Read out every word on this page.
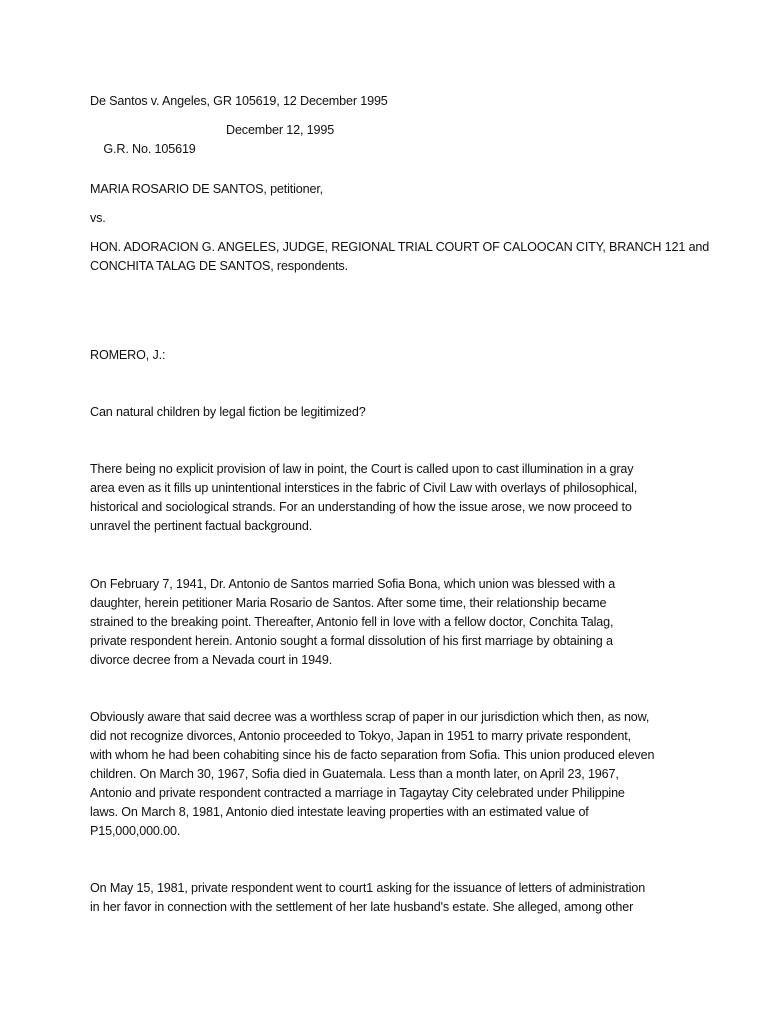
De Santos v. Angeles, GR 105619, 12 December 1995

G.R. No. 105619

December 12, 1995

MARIA ROSARIO DE SANTOS, petitioner,
vs.
HON. ADORACION G. ANGELES, JUDGE, REGIONAL TRIAL COURT OF CALOOCAN CITY, BRANCH 121 and
CONCHITA TALAG DE SANTOS, respondents.
ROMERO, J.:
Can natural children by legal fiction be legitimized?
There being no explicit provision of law in point, the Court is called upon to cast illumination in a gray
area even as it fills up unintentional interstices in the fabric of Civil Law with overlays of philosophical,
historical and sociological strands. For an understanding of how the issue arose, we now proceed to
unravel the pertinent factual background.
On February 7, 1941, Dr. Antonio de Santos married Sofia Bona, which union was blessed with a
daughter, herein petitioner Maria Rosario de Santos. After some time, their relationship became
strained to the breaking point. Thereafter, Antonio fell in love with a fellow doctor, Conchita Talag,
private respondent herein. Antonio sought a formal dissolution of his first marriage by obtaining a
divorce decree from a Nevada court in 1949.
Obviously aware that said decree was a worthless scrap of paper in our jurisdiction which then, as now,
did not recognize divorces, Antonio proceeded to Tokyo, Japan in 1951 to marry private respondent,
with whom he had been cohabiting since his de facto separation from Sofia. This union produced eleven
children. On March 30, 1967, Sofia died in Guatemala. Less than a month later, on April 23, 1967,
Antonio and private respondent contracted a marriage in Tagaytay City celebrated under Philippine
laws. On March 8, 1981, Antonio died intestate leaving properties with an estimated value of
P15,000,000.00.
On May 15, 1981, private respondent went to court1 asking for the issuance of letters of administration
in her favor in connection with the settlement of her late husband's estate. She alleged, among other
